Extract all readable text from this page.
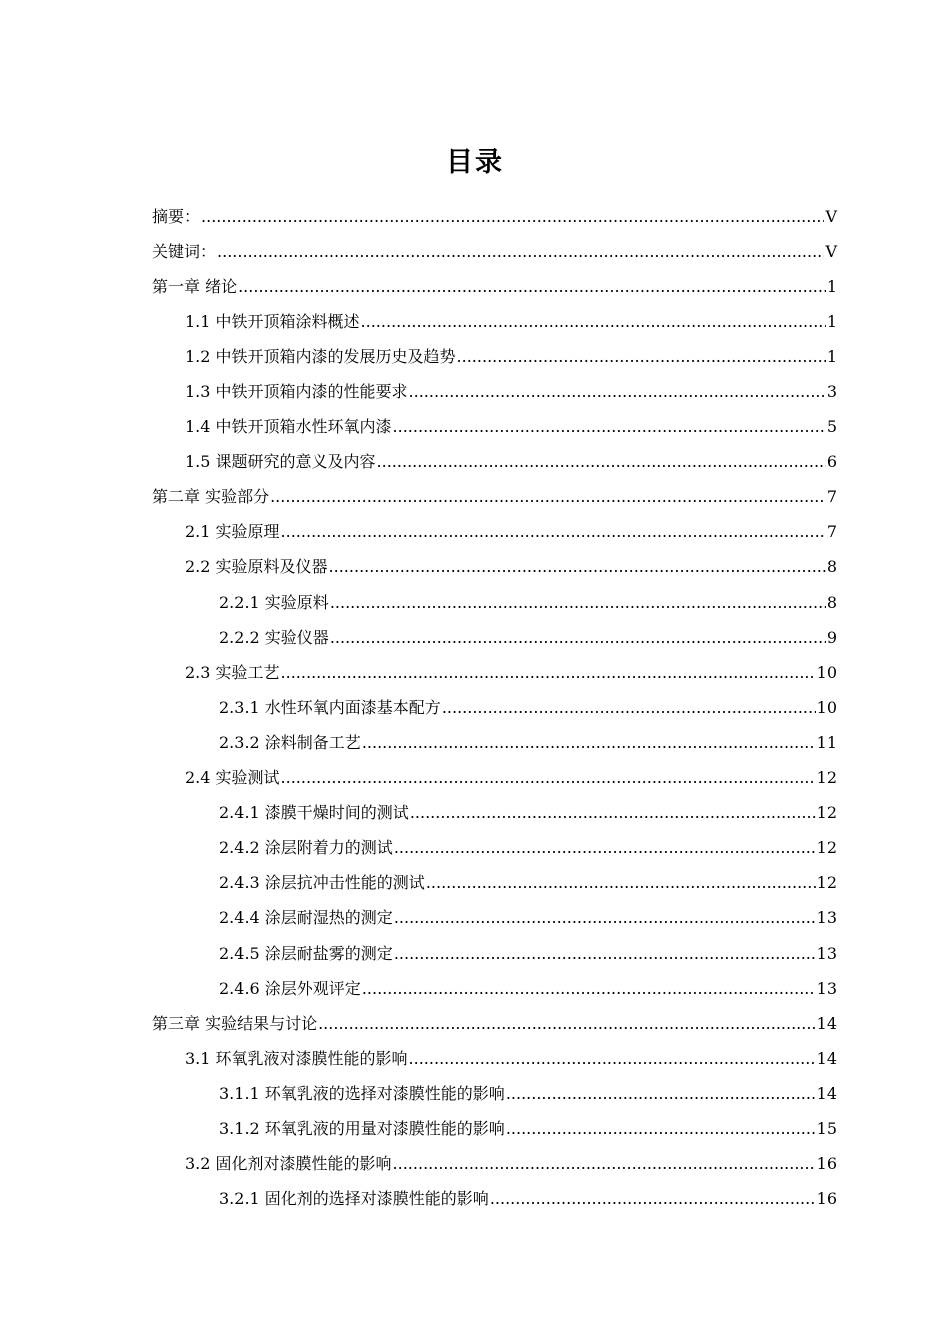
目录
摘要： .....	V
关键词： .....	V
第一章 绪论 .....	1
1.1 中铁开顶箱涂料概述 .....	1
1.2 中铁开顶箱内漆的发展历史及趋势 .....	1
1.3 中铁开顶箱内漆的性能要求 .....	3
1.4 中铁开顶箱水性环氧内漆 .....	5
1.5 课题研究的意义及内容 .....	6
第二章 实验部分 .....	7
2.1 实验原理 .....	7
2.2 实验原料及仪器 .....	8
2.2.1 实验原料 .....	8
2.2.2 实验仪器 .....	9
2.3 实验工艺 .....	10
2.3.1 水性环氧内面漆基本配方 .....	10
2.3.2 涂料制备工艺 .....	11
2.4 实验测试 .....	12
2.4.1 漆膜干燥时间的测试 .....	12
2.4.2 涂层附着力的测试 .....	12
2.4.3 涂层抗冲击性能的测试 .....	12
2.4.4 涂层耐湿热的测定 .....	13
2.4.5 涂层耐盐雾的测定 .....	13
2.4.6 涂层外观评定 .....	13
第三章 实验结果与讨论 .....	14
3.1 环氧乳液对漆膜性能的影响 .....	14
3.1.1 环氧乳液的选择对漆膜性能的影响 .....	14
3.1.2 环氧乳液的用量对漆膜性能的影响 .....	15
3.2 固化剂对漆膜性能的影响 .....	16
3.2.1 固化剂的选择对漆膜性能的影响 .....	16
